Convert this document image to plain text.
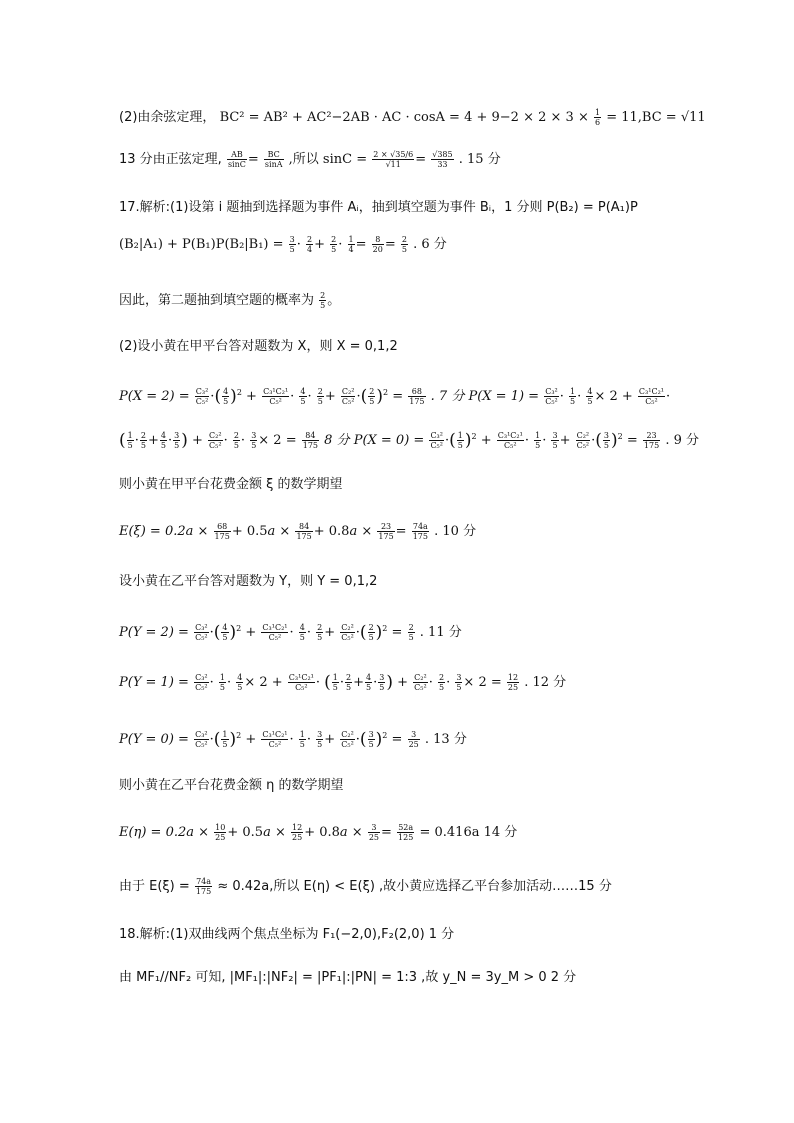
(2)由余弦定理， BC² = AB² + AC²−2AB · AC · $\cos A = 4 + 9-2 \times 2 \times 3 \times \frac{1}{6} = 11,BC = √11$
13 分由正弦定理, $\frac{AB}{\sin C} = \frac{BC}{\sin A}$ ,所以 $\sin C = \frac{2 \times √35/6}{√11} = \frac{√385}{33}$ . 15 分
17.解析:(1)设第 i 题抽到选择题为事件 Aᵢ，抽到填空题为事件 Bᵢ，1 分则 P(B₂) = P(A₁)P
$(B_2|A_1) + P(B_1)P(B_2|B_1) = \frac{3}{5} \cdot \frac{2}{4} + \frac{2}{5} \cdot \frac{1}{4} = \frac{8}{20} = \frac{2}{5}$ . 6 分
因此，第二题抽到填空题的概率为 $\frac{2}{5}$ 。
(2)设小黄在甲平台答对题数为 X，则 X = 0,1,2
$P(X = 2) = \frac{\text{C₃²}}{\text{C₅²}}$ ·( $\frac{4}{5} )^2 + \frac{\text{C₃¹C₂¹}}{\text{C₅²}} \cdot \frac{4}{5} \cdot \frac{2}{5} + \frac{\text{C₂²}}{\text{C₅²}}$ ·( $\frac{2}{5} )^2 = \frac{68}{175}$ . 7 分 $P(X = 1) = \frac{\text{C₃²}}{\text{C₅²}} \cdot \frac{1}{5} \cdot \frac{4}{5} \times 2 + \frac{\text{C₃¹C₂¹}}{\text{C₅²}}$ ·
( $\frac{1}{5} \cdot \frac{2}{5} + \frac{4}{5} \cdot \frac{3}{5}$ ) + $\frac{\text{C₂²}}{\text{C₅²}} \cdot \frac{2}{5} \cdot \frac{3}{5} \times 2 = \frac{84}{175} 8$ 分 $P(X = 0) = \frac{\text{C₃²}}{\text{C₅²}}$ ·( $\frac{1}{5} )^2 + \frac{\text{C₃¹C₂¹}}{\text{C₅²}} \cdot \frac{1}{5} \cdot \frac{3}{5} + \frac{\text{C₂²}}{\text{C₅²}}$ ·( $\frac{3}{5} )^2 = \frac{23}{175}$ . 9 分
则小黄在甲平台花费金额 ξ 的数学期望
$E(\xi) = 0.2a \times \frac{68}{175} + 0.5a \times \frac{84}{175} + 0.8a \times \frac{23}{175} = \frac{74a}{175}$ . 10 分
设小黄在乙平台答对题数为 Y，则 Y = 0,1,2
$P(Y = 2) = \frac{\text{C₃²}}{\text{C₅²}}$ ·( $\frac{4}{5} )^2 + \frac{\text{C₃¹C₂¹}}{\text{C₅²}} \cdot \frac{4}{5} \cdot \frac{2}{5} + \frac{\text{C₂²}}{\text{C₅²}}$ ·( $\frac{2}{5} )^2 = \frac{2}{5}$ . 11 分
$P(Y = 1) = \frac{\text{C₃²}}{\text{C₅²}} \cdot \frac{1}{5} \cdot \frac{4}{5} \times 2 + \frac{\text{C₃¹C₂¹}}{\text{C₅²}}$ · ( $\frac{1}{5} \cdot \frac{2}{5} + \frac{4}{5} \cdot \frac{3}{5}$ ) + $\frac{\text{C₂²}}{\text{C₅²}} \cdot \frac{2}{5} \cdot \frac{3}{5} \times 2 = \frac{12}{25}$ . 12 分
$P(Y = 0) = \frac{\text{C₃²}}{\text{C₅²}}$ ·( $\frac{1}{5} )^2 + \frac{\text{C₃¹C₂¹}}{\text{C₅²}} \cdot \frac{1}{5} \cdot \frac{3}{5} + \frac{\text{C₂²}}{\text{C₅²}}$ ·( $\frac{3}{5} )^2 = \frac{3}{25}$ . 13 分
则小黄在乙平台花费金额 η 的数学期望
$E(\eta) = 0.2a \times \frac{10}{25} + 0.5a \times \frac{12}{25} + 0.8a \times \frac{3}{25} = \frac{52a}{125} = 0.416a$ 14 分
由于 $E(\xi) = \frac{74a}{175} \approx 0.42a$,所以 E(η) < E(ξ) ,故小黄应选择乙平台参加活动……15 分
18.解析:(1)双曲线两个焦点坐标为 F₁(−2,0),F₂(2,0) 1 分
由 MF₁//NF₂ 可知, |MF₁|:|NF₂| = |PF₁|:|PN| = 1:3 ,故 y_N = 3y_M > 0 2 分
